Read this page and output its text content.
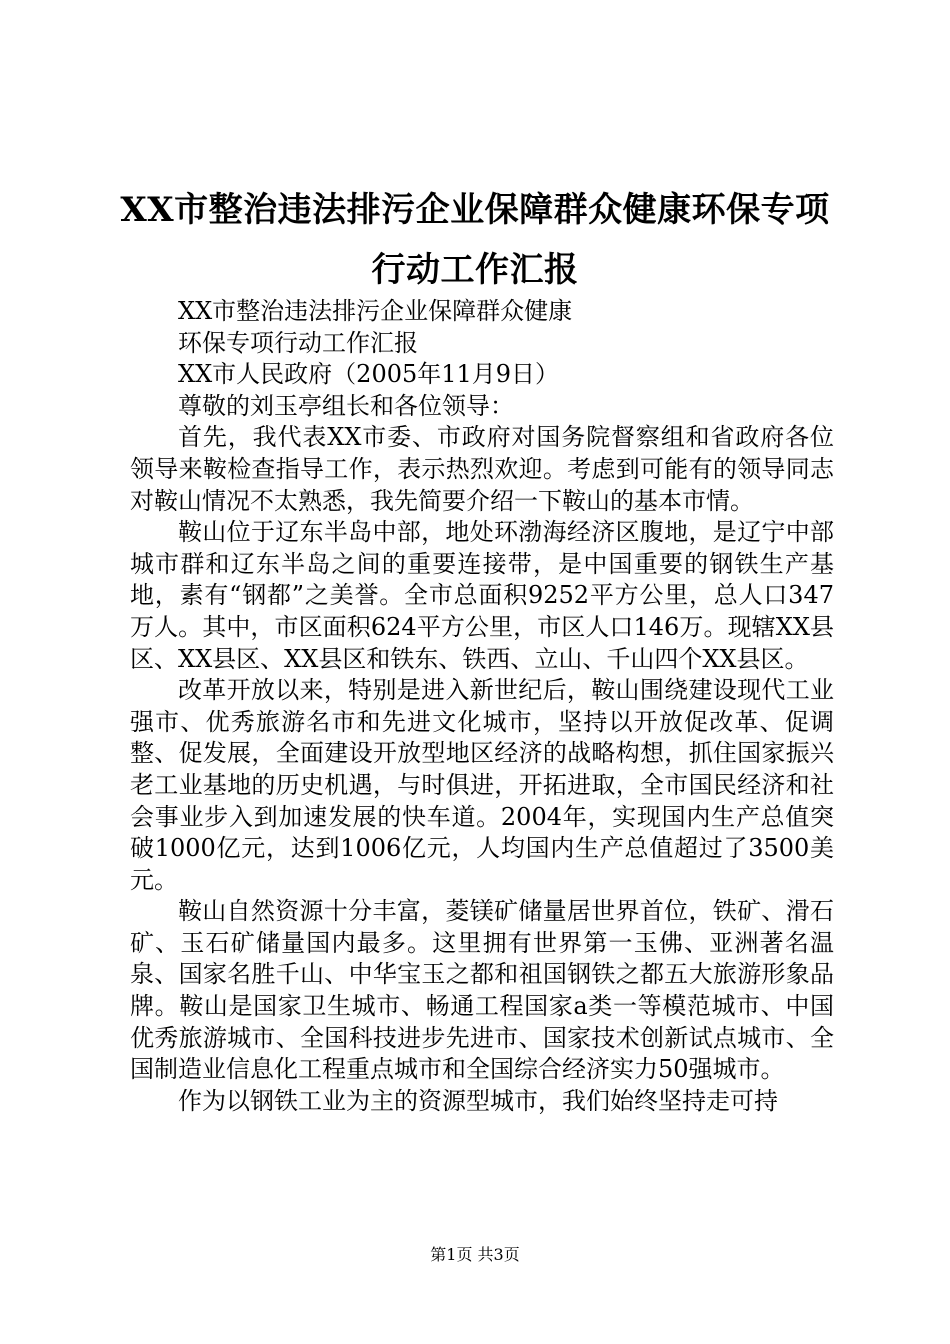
XX市整治违法排污企业保障群众健康环保专项行动工作汇报

XX市整治违法排污企业保障群众健康

环保专项行动工作汇报

XX市人民政府（2005年11月9日）

尊敬的刘玉亭组长和各位领导：

首先，我代表XX市委、市政府对国务院督察组和省政府各位领导来鞍检查指导工作，表示热烈欢迎。考虑到可能有的领导同志对鞍山情况不太熟悉，我先简要介绍一下鞍山的基本市情。

鞍山位于辽东半岛中部，地处环渤海经济区腹地，是辽宁中部城市群和辽东半岛之间的重要连接带，是中国重要的钢铁生产基地，素有“钢都”之美誉。全市总面积9252平方公里，总人口347万人。其中，市区面积624平方公里，市区人口146万。现辖XX县区、XX县区、XX县区和铁东、铁西、立山、千山四个XX县区。

改革开放以来，特别是进入新世纪后，鞍山围绕建设现代工业强市、优秀旅游名市和先进文化城市，坚持以开放促改革、促调整、促发展，全面建设开放型地区经济的战略构想，抓住国家振兴老工业基地的历史机遇，与时俱进，开拓进取，全市国民经济和社会事业步入到加速发展的快车道。2004年，实现国内生产总值突破1000亿元，达到1006亿元，人均国内生产总值超过了3500美元。

鞍山自然资源十分丰富，菱镁矿储量居世界首位，铁矿、滑石矿、玉石矿储量国内最多。这里拥有世界第一玉佛、亚洲著名温泉、国家名胜千山、中华宝玉之都和祖国钢铁之都五大旅游形象品牌。鞍山是国家卫生城市、畅通工程国家a类一等模范城市、中国优秀旅游城市、全国科技进步先进市、国家技术创新试点城市、全国制造业信息化工程重点城市和全国综合经济实力50强城市。

作为以钢铁工业为主的资源型城市，我们始终坚持走可持

第1页 共3页
